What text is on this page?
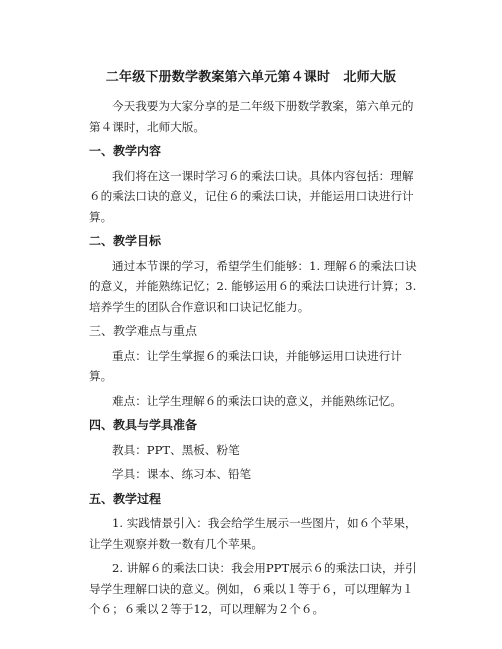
二年级下册数学教案第六单元第４课时　北师大版

今天我要为大家分享的是二年级下册数学教案，第六单元的第４课时，北师大版。

一、教学内容

我们将在这一课时学习６的乘法口诀。具体内容包括：理解６的乘法口诀的意义，记住６的乘法口诀，并能运用口诀进行计算。

二、教学目标

通过本节课的学习，希望学生们能够：1. 理解６的乘法口诀的意义，并能熟练记忆；2. 能够运用６的乘法口诀进行计算；3. 培养学生的团队合作意识和口诀记忆能力。

三、教学难点与重点

重点：让学生掌握６的乘法口诀，并能够运用口诀进行计算。

难点：让学生理解６的乘法口诀的意义，并能熟练记忆。

四、教具与学具准备

教具：PPT、黑板、粉笔

学具：课本、练习本、铅笔

五、教学过程

1. 实践情景引入：我会给学生展示一些图片，如６个苹果，让学生观察并数一数有几个苹果。

2. 讲解６的乘法口诀：我会用PPT展示６的乘法口诀，并引导学生理解口诀的意义。例如，６乘以１等于６，可以理解为１个６；６乘以２等于12，可以理解为２个６。
